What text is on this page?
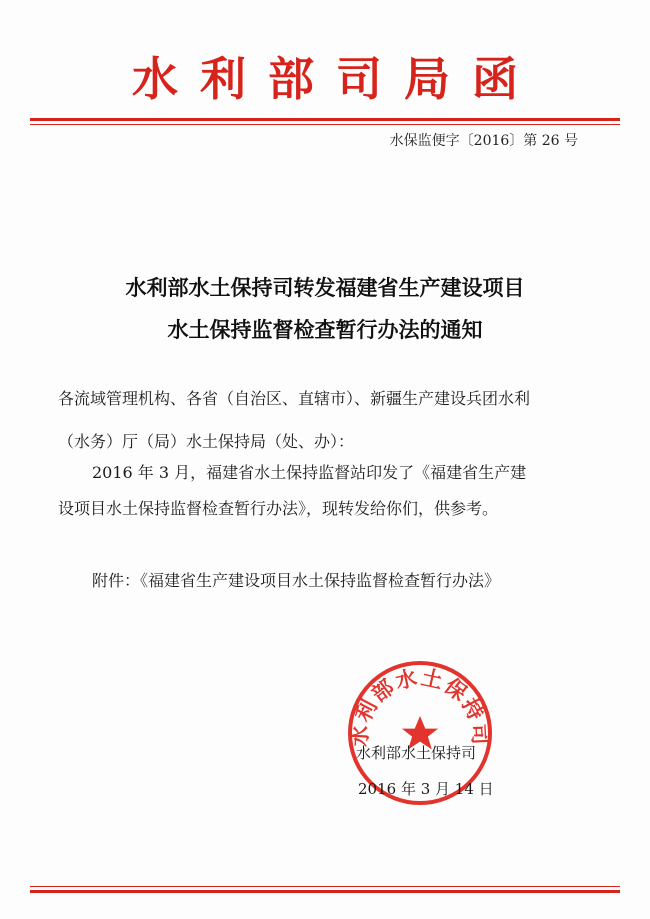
水利部司局函
水保监便字〔2016〕第 26 号
水利部水土保持司转发福建省生产建设项目
水土保持监督检查暂行办法的通知
各流域管理机构、各省（自治区、直辖市）、新疆生产建设兵团水利
（水务）厅（局）水土保持局（处、办）：
2016 年 3 月，福建省水土保持监督站印发了《福建省生产建
设项目水土保持监督检查暂行办法》，现转发给你们，供参考。
附件：《福建省生产建设项目水土保持监督检查暂行办法》
水利部水土保持司
水利部水土保持司
2016 年 3 月 14 日
